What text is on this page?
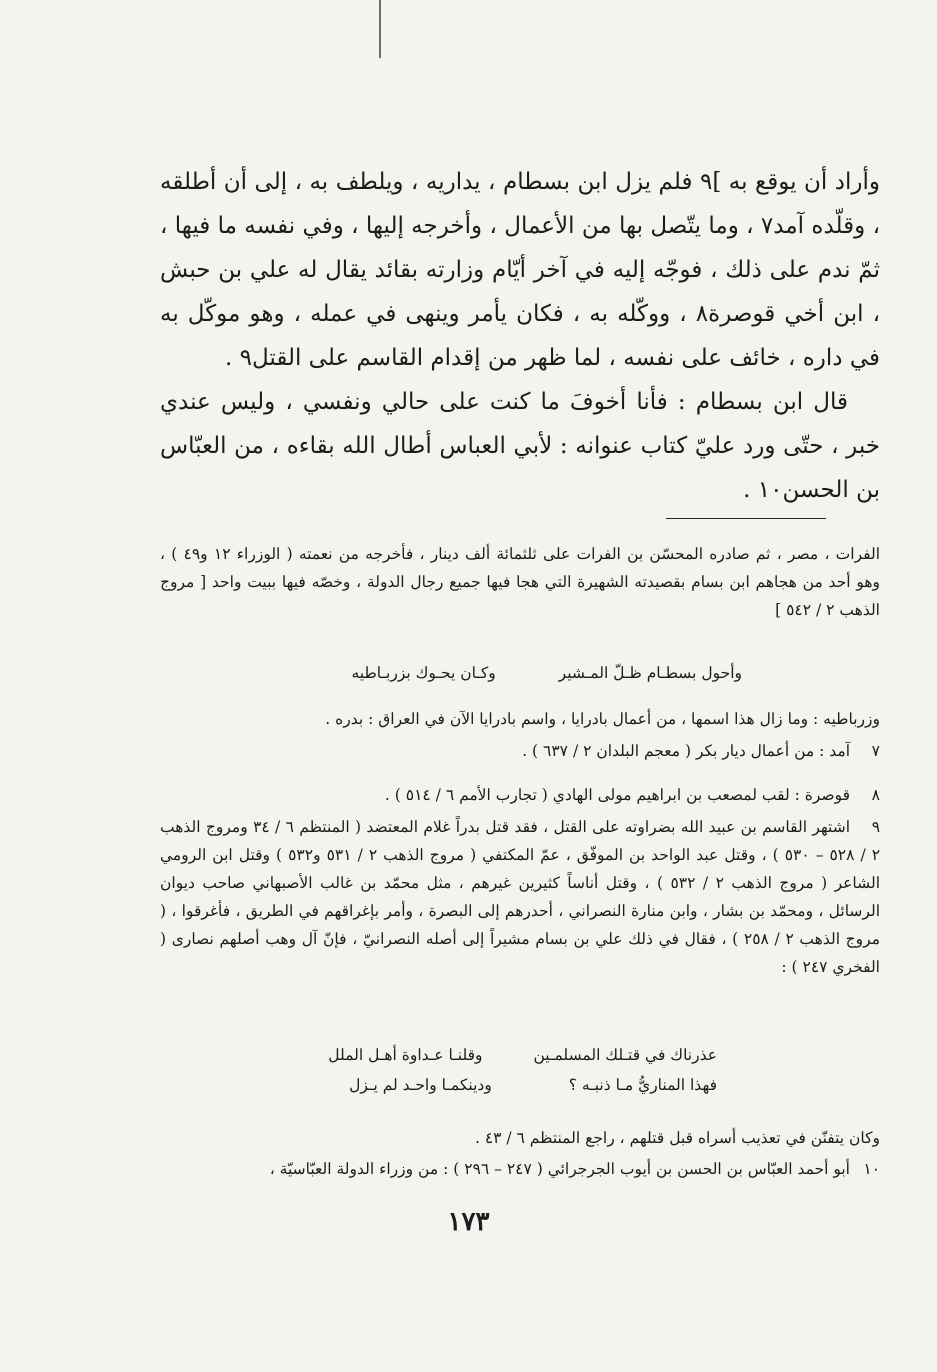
وأراد أن يوقع به ]٩ فلم يزل ابن بسطام ، يداريه ، ويلطف به ، إلى أن أطلقه ، وقلّده آمد٧ ، وما يتّصل بها من الأعمال ، وأخرجه إليها ، وفي نفسه ما فيها ، ثمّ ندم على ذلك ، فوجّه إليه في آخر أيّام وزارته بقائد يقال له علي بن حبش ، ابن أخي قوصرة٨ ، ووكّله به ، فكان يأمر وينهى في عمله ، وهو موكّل به في داره ، خائف على نفسه ، لما ظهر من إقدام القاسم على القتل٩ .

قال ابن بسطام : فأنا أخوفَ ما كنت على حالي ونفسي ، وليس عندي خبر ، حتّى ورد عليّ كتاب عنوانه : لأبي العباس أطال الله بقاءه ، من العبّاس بن الحسن١٠ .

الفرات ، مصر ، ثم صادره المحسّن بن الفرات على ثلثمائة ألف دينار ، فأخرجه من نعمته ( الوزراء ١٢ و٤٩ ) ، وهو أحد من هجاهم ابن بسام بقصيدته الشهيرة التي هجا فيها جميع رجال الدولة ، وخصّه فيها ببيت واحد [ مروج الذهب ٢ / ٥٤٢ ]

وأحول بسطـام ظـلّ المـشير وكـان يحـوك بزربـاطيه

وزرباطيه : وما زال هذا اسمها ، من أعمال بادرايا ، واسم بادرايا الآن في العراق : بدره .

٧آمد : من أعمال ديار بكر ( معجم البلدان ٢ / ٦٣٧ ) .
٨قوصرة : لقب لمصعب بن ابراهيم مولى الهادي ( تجارب الأمم ٦ / ٥١٤ ) .
٩اشتهر القاسم بن عبيد الله بضراوته على القتل ، فقد قتل بدراً غلام المعتضد ( المنتظم ٦ / ٣٤ ومروج الذهب ٢ / ٥٢٨ – ٥٣٠ ) ، وقتل عبد الواحد بن الموفّق ، عمّ المكتفي ( مروج الذهب ٢ / ٥٣١ و٥٣٢ ) وقتل ابن الرومي الشاعر ( مروج الذهب ٢ / ٥٣٢ ) ، وقتل أناساً كثيرين غيرهم ، مثل محمّد بن غالب الأصبهاني صاحب ديوان الرسائل ، ومحمّد بن بشار ، وابن منارة النصراني ، أحدرهم إلى البصرة ، وأمر بإغراقهم في الطريق ، فأغرقوا ، ( مروج الذهب ٢ / ٢٥٨ ) ، فقال في ذلك علي بن بسام مشيراً إلى أصله النصرانيّ ، فإنّ آل وهب أصلهم نصارى ( الفخري ٢٤٧ ) :
عذرناك في قتـلك المسلمـين وقلنـا عـداوة أهـل الملل
فهذا المناريُّ مـا ذنبـه ؟ ودينكمـا واحـد لم يـزل

وكان يتفنّن في تعذيب أسراه قبل قتلهم ، راجع المنتظم ٦ / ٤٣ .

١٠أبو أحمد العبّاس بن الحسن بن أيوب الجرجرائي ( ٢٤٧ – ٢٩٦ ) : من وزراء الدولة العبّاسيّة ،
١٧٣
